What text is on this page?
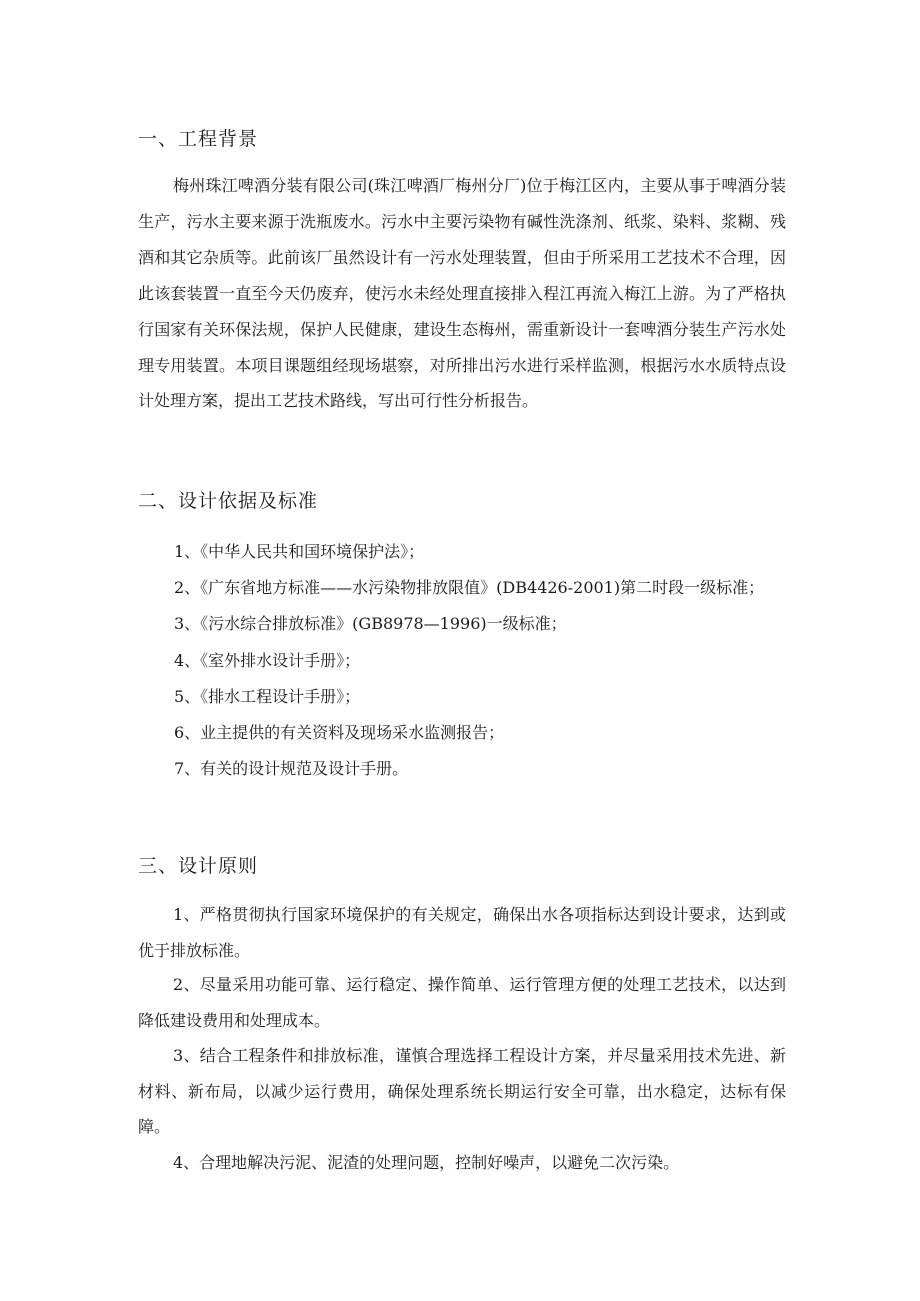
一、工程背景

梅州珠江啤酒分装有限公司(珠江啤酒厂梅州分厂)位于梅江区内，主要从事于啤酒分装生产，污水主要来源于洗瓶废水。污水中主要污染物有碱性洗涤剂、纸浆、染料、浆糊、残酒和其它杂质等。此前该厂虽然设计有一污水处理装置，但由于所采用工艺技术不合理，因此该套装置一直至今天仍废弃，使污水未经处理直接排入程江再流入梅江上游。为了严格执行国家有关环保法规，保护人民健康，建设生态梅州，需重新设计一套啤酒分装生产污水处理专用装置。本项目课题组经现场堪察，对所排出污水进行采样监测，根据污水水质特点设计处理方案，提出工艺技术路线，写出可行性分析报告。

二、设计依据及标准
1、《中华人民共和国环境保护法》；
2、《广东省地方标准——水污染物排放限值》(DB4426-2001)第二时段一级标准；
3、《污水综合排放标准》(GB8978—1996)一级标准；
4、《室外排水设计手册》；
5、《排水工程设计手册》；
6、业主提供的有关资料及现场采水监测报告；
7、有关的设计规范及设计手册。
三、设计原则

1、严格贯彻执行国家环境保护的有关规定，确保出水各项指标达到设计要求，达到或优于排放标准。

2、尽量采用功能可靠、运行稳定、操作简单、运行管理方便的处理工艺技术，以达到降低建设费用和处理成本。

3、结合工程条件和排放标准，谨慎合理选择工程设计方案，并尽量采用技术先进、新材料、新布局，以减少运行费用，确保处理系统长期运行安全可靠，出水稳定，达标有保障。

4、合理地解决污泥、泥渣的处理问题，控制好噪声，以避免二次污染。
